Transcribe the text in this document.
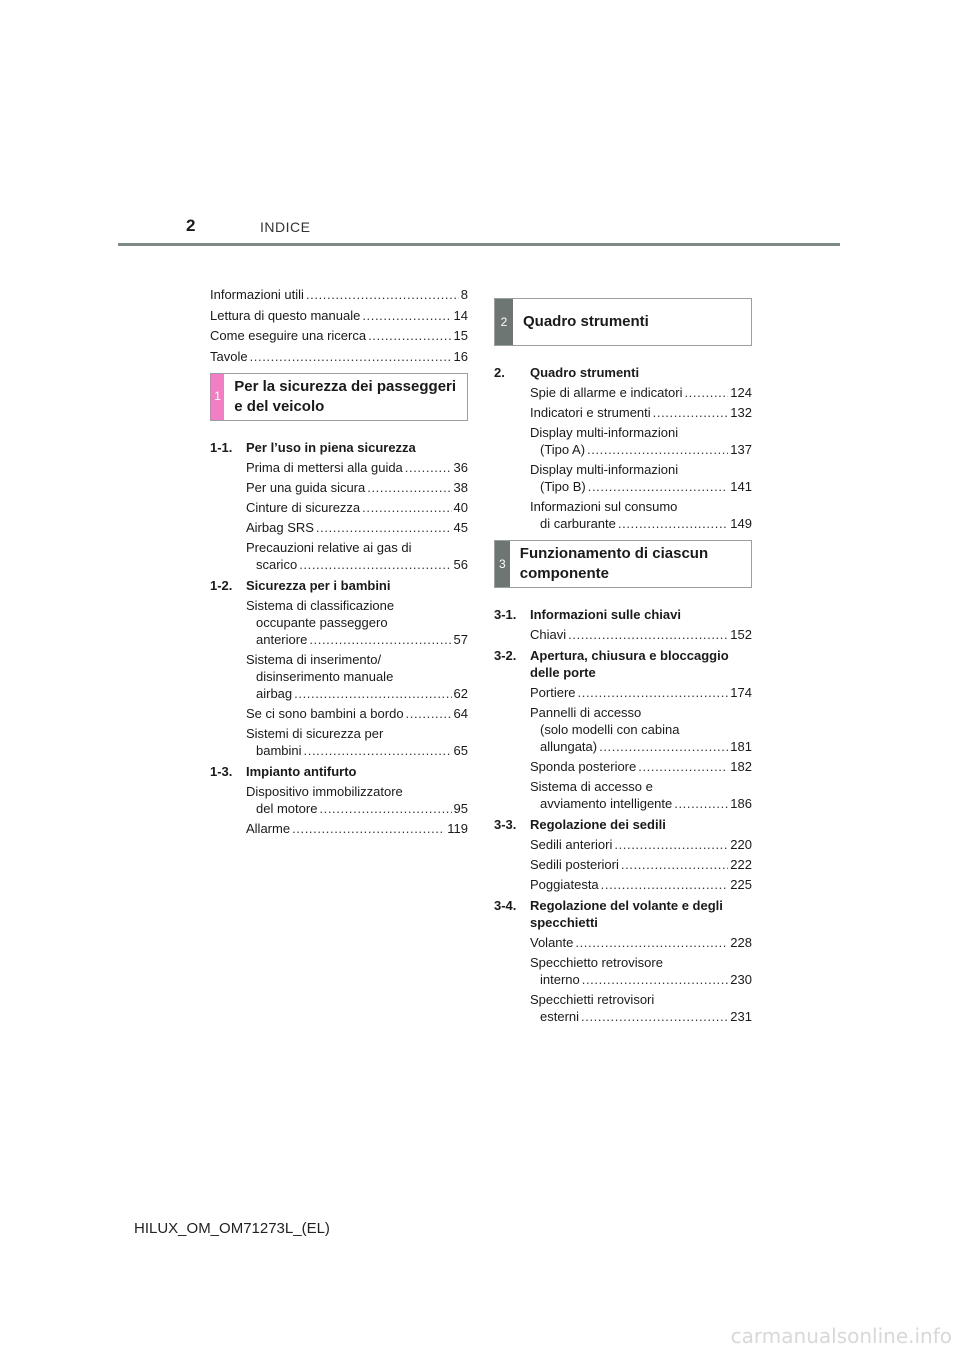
2	INDICE
Informazioni utili .....	8
Lettura di questo manuale .....	14
Come eseguire una ricerca .....	15
Tavole .....	16
1
Per la sicurezza dei passeggeri e del veicolo
1-1.	Per l’uso in piena sicurezza
Prima di mettersi alla guida .....	36
Per una guida sicura .....	38
Cinture di sicurezza .....	40
Airbag SRS .....	45
Precauzioni relative ai gas di
scarico .....	56
1-2.	Sicurezza per i bambini
Sistema di classificazione
occupante passeggero
anteriore .....	57
Sistema di inserimento/
disinserimento manuale
airbag .....	62
Se ci sono bambini a bordo .....	64
Sistemi di sicurezza per
bambini .....	65
1-3.	Impianto antifurto
Dispositivo immobilizzatore
del motore .....	95
Allarme .....	119
2	Quadro strumenti
2.	Quadro strumenti
Spie di allarme e indicatori .....	124
Indicatori e strumenti .....	132
Display multi-informazioni
(Tipo A) .....	137
Display multi-informazioni
(Tipo B) .....	141
Informazioni sul consumo
di carburante .....	149
3
Funzionamento di ciascun componente
3-1.	Informazioni sulle chiavi
Chiavi .....	152
3-2.	Apertura, chiusura e bloccaggio delle porte
Portiere .....	174
Pannelli di accesso
(solo modelli con cabina
allungata) .....	181
Sponda posteriore .....	182
Sistema di accesso e
avviamento intelligente .....	186
3-3.	Regolazione dei sedili
Sedili anteriori .....	220
Sedili posteriori .....	222
Poggiatesta .....	225
3-4.	Regolazione del volante e degli specchietti
Volante .....	228
Specchietto retrovisore
interno .....	230
Specchietti retrovisori
esterni .....	231
HILUX_OM_OM71273L_(EL)
carmanualsonline.info
